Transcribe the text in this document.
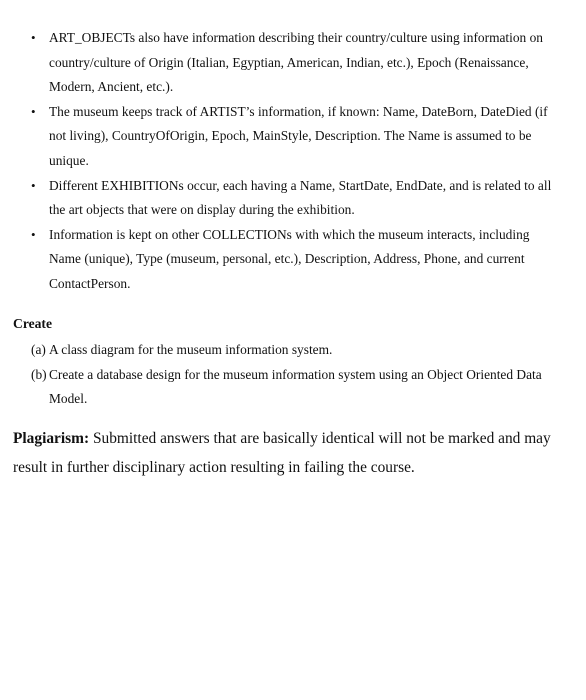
• ART_OBJECTs also have information describing their country/culture using information on country/culture of Origin (Italian, Egyptian, American, Indian, etc.), Epoch (Renaissance, Modern, Ancient, etc.).
• The museum keeps track of ARTIST’s information, if known: Name, DateBorn, DateDied (if not living), CountryOfOrigin, Epoch, MainStyle, Description. The Name is assumed to be unique.
• Different EXHIBITIONs occur, each having a Name, StartDate, EndDate, and is related to all the art objects that were on display during the exhibition.
• Information is kept on other COLLECTIONs with which the museum interacts, including Name (unique), Type (museum, personal, etc.), Description, Address, Phone, and current ContactPerson.
Create
(a) A class diagram for the museum information system.
(b) Create a database design for the museum information system using an Object Oriented Data Model.

Plagiarism: Submitted answers that are basically identical will not be marked and may result in further disciplinary action resulting in failing the course.
